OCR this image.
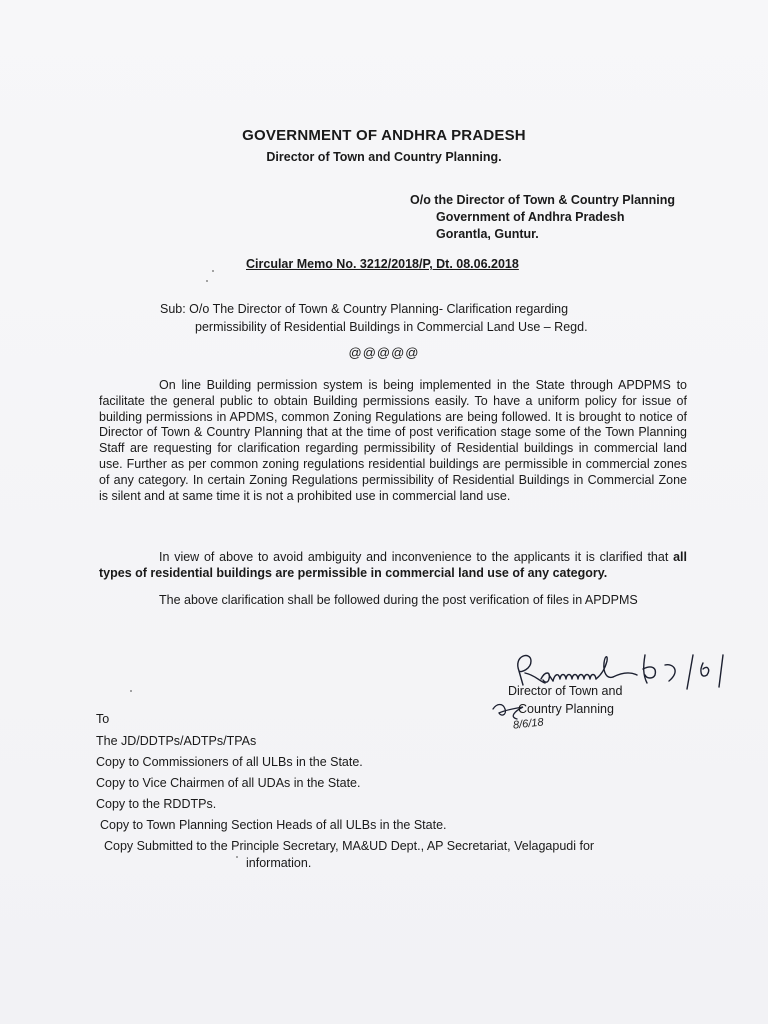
GOVERNMENT OF ANDHRA PRADESH
Director of Town and Country Planning.
O/o the Director of Town & Country Planning
Government of Andhra Pradesh
Gorantla, Guntur.
Circular Memo No. 3212/2018/P, Dt. 08.06.2018
Sub: O/o The Director of Town & Country Planning- Clarification regarding
permissibility of Residential Buildings in Commercial Land Use – Regd.
@@@@@
On line Building permission system is being implemented in the State through APDPMS to facilitate the general public to obtain Building permissions easily. To have a uniform policy for issue of building permissions in APDMS, common Zoning Regulations are being followed. It is brought to notice of Director of Town & Country Planning that at the time of post verification stage some of the Town Planning Staff are requesting for clarification regarding permissibility of Residential buildings in commercial land use. Further as per common zoning regulations residential buildings are permissible in commercial zones of any category. In certain Zoning Regulations permissibility of Residential Buildings in Commercial Zone is silent and at same time it is not a prohibited use in commercial land use.
In view of above to avoid ambiguity and inconvenience to the applicants it is clarified that all types of residential buildings are permissible in commercial land use of any category.
The above clarification shall be followed during the post verification of files in APDPMS
Rammmdh 8/6/
Director of Town and
Country Planning
8/6/18
To
The JD/DDTPs/ADTPs/TPAs
Copy to Commissioners of all ULBs in the State.
Copy to Vice Chairmen of all UDAs in the State.
Copy to the RDDTPs.
Copy to Town Planning Section Heads of all ULBs in the State.
Copy Submitted to the Principle Secretary, MA&UD Dept., AP Secretariat, Velagapudi for
information.
